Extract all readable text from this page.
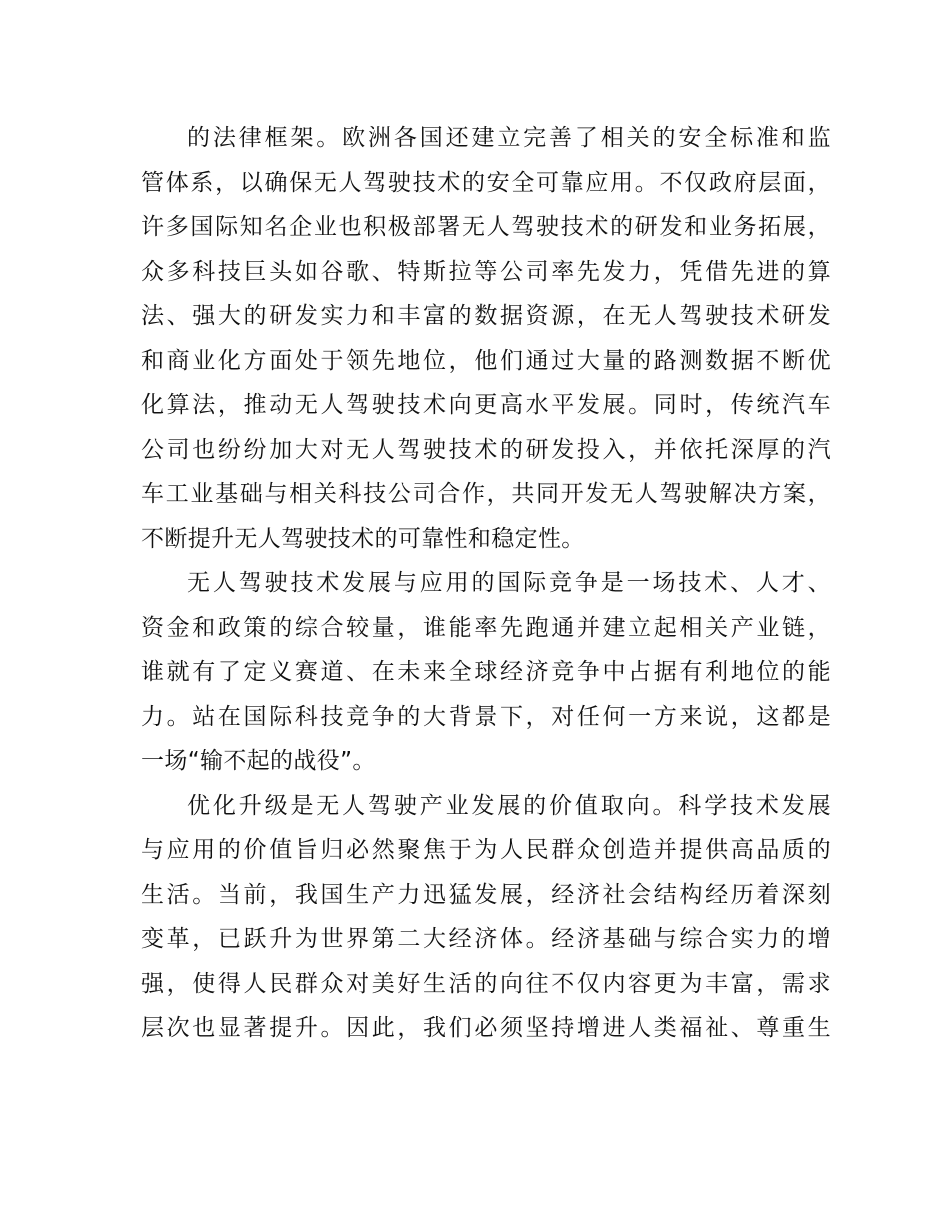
的法律框架。欧洲各国还建立完善了相关的安全标准和监
管体系，以确保无人驾驶技术的安全可靠应用。不仅政府层面，
许多国际知名企业也积极部署无人驾驶技术的研发和业务拓展，
众多科技巨头如谷歌、特斯拉等公司率先发力，凭借先进的算
法、强大的研发实力和丰富的数据资源，在无人驾驶技术研发
和商业化方面处于领先地位，他们通过大量的路测数据不断优
化算法，推动无人驾驶技术向更高水平发展。同时，传统汽车
公司也纷纷加大对无人驾驶技术的研发投入，并依托深厚的汽
车工业基础与相关科技公司合作，共同开发无人驾驶解决方案，
不断提升无人驾驶技术的可靠性和稳定性。
无人驾驶技术发展与应用的国际竞争是一场技术、人才、
资金和政策的综合较量，谁能率先跑通并建立起相关产业链，
谁就有了定义赛道、在未来全球经济竞争中占据有利地位的能
力。站在国际科技竞争的大背景下，对任何一方来说，这都是
一场“输不起的战役”。
优化升级是无人驾驶产业发展的价值取向。科学技术发展
与应用的价值旨归必然聚焦于为人民群众创造并提供高品质的
生活。当前，我国生产力迅猛发展，经济社会结构经历着深刻
变革，已跃升为世界第二大经济体。经济基础与综合实力的增
强，使得人民群众对美好生活的向往不仅内容更为丰富，需求
层次也显著提升。因此，我们必须坚持增进人类福祉、尊重生
